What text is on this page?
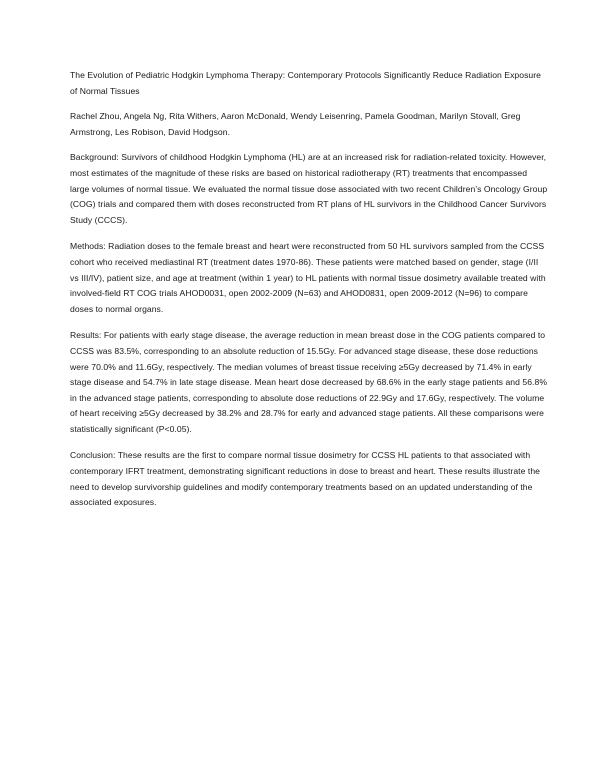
The Evolution of Pediatric Hodgkin Lymphoma Therapy: Contemporary Protocols Significantly Reduce Radiation Exposure of Normal Tissues

Rachel Zhou, Angela Ng, Rita Withers, Aaron McDonald, Wendy Leisenring, Pamela Goodman, Marilyn Stovall, Greg Armstrong, Les Robison, David Hodgson.

Background: Survivors of childhood Hodgkin Lymphoma (HL) are at an increased risk for radiation-related toxicity. However, most estimates of the magnitude of these risks are based on historical radiotherapy (RT) treatments that encompassed large volumes of normal tissue. We evaluated the normal tissue dose associated with two recent Children’s Oncology Group (COG) trials and compared them with doses reconstructed from RT plans of HL survivors in the Childhood Cancer Survivors Study (CCCS).

Methods: Radiation doses to the female breast and heart were reconstructed from 50 HL survivors sampled from the CCSS cohort who received mediastinal RT (treatment dates 1970-86). These patients were matched based on gender, stage (I/II vs III/IV), patient size, and age at treatment (within 1 year) to HL patients with normal tissue dosimetry available treated with involved-field RT COG trials AHOD0031, open 2002-2009 (N=63) and AHOD0831, open 2009-2012 (N=96) to compare doses to normal organs.

Results: For patients with early stage disease, the average reduction in mean breast dose in the COG patients compared to CCSS was 83.5%, corresponding to an absolute reduction of 15.5Gy. For advanced stage disease, these dose reductions were 70.0% and 11.6Gy, respectively. The median volumes of breast tissue receiving ≥5Gy decreased by 71.4% in early stage disease and 54.7% in late stage disease. Mean heart dose decreased by 68.6% in the early stage patients and 56.8% in the advanced stage patients, corresponding to absolute dose reductions of 22.9Gy and 17.6Gy, respectively. The volume of heart receiving ≥5Gy decreased by 38.2% and 28.7% for early and advanced stage patients. All these comparisons were statistically significant (P<0.05).

Conclusion: These results are the first to compare normal tissue dosimetry for CCSS HL patients to that associated with contemporary IFRT treatment, demonstrating significant reductions in dose to breast and heart. These results illustrate the need to develop survivorship guidelines and modify contemporary treatments based on an updated understanding of the associated exposures.
